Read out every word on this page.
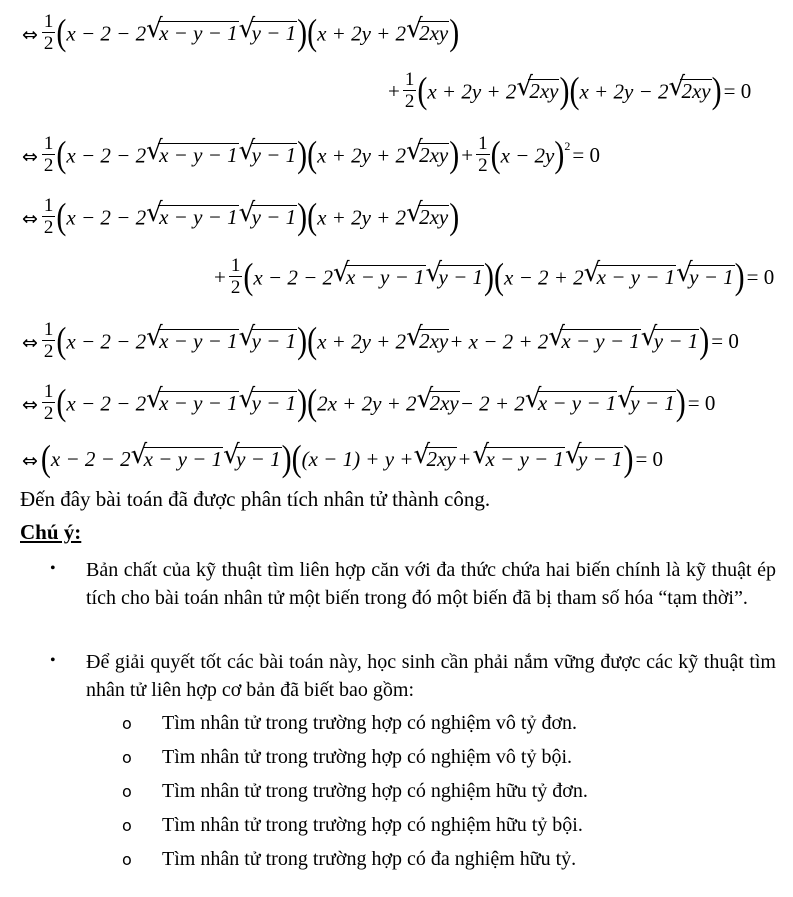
⇔ $\frac{1}{2} (x - 2 - 2$ √
x − y − 1 √
y − 1)(x + 2y + 2 √
2xy)
+ $\frac{1}{2} (x + 2y + 2$ √
2xy)(x + 2y − 2 √
2xy)= 0
⇔ $\frac{1}{2} (x - 2 - 2$ √
x − y − 1 √
y − 1)(x + 2y + 2 √
$2xy)+ \frac{1}{2} (x - 2y)^2= 0$
⇔ $\frac{1}{2} (x - 2 - 2$ √
x − y − 1 √
y − 1)(x + 2y + 2 √
2xy)
+ $\frac{1}{2} (x - 2 - 2$ √
x − y − 1 √
y − 1)(x − 2 + 2 √
x − y − 1 √
y − 1)= 0
⇔ $\frac{1}{2} (x - 2 - 2$ √
x − y − 1 √
y − 1)(x + 2y + 2 √
2xy+ x − 2 + 2 √
x − y − 1 √
y − 1)= 0
⇔ $\frac{1}{2} (x - 2 - 2$ √
x − y − 1 √
y − 1)(2x + 2y + 2 √
2xy− 2 + 2 √
x − y − 1 √
y − 1)= 0
⇔ (x − 2 − 2 √
x − y − 1 √
y − 1)((x − 1) + y + √
2xy + √
x − y − 1 √
y − 1)= 0
Đến đây bài toán đã được phân tích nhân tử thành công.
Chú ý:
• Bản chất của kỹ thuật tìm liên hợp căn với đa thức chứa hai biến chính là kỹ thuật ép tích cho bài toán nhân tử một biến trong đó một biến đã bị tham số hóa “tạm thời”.
• Để giải quyết tốt các bài toán này, học sinh cần phải nắm vững được các kỹ thuật tìm nhân tử liên hợp cơ bản đã biết bao gồm:
o Tìm nhân tử trong trường hợp có nghiệm vô tỷ đơn.
o Tìm nhân tử trong trường hợp có nghiệm vô tỷ bội.
o Tìm nhân tử trong trường hợp có nghiệm hữu tỷ đơn.
o Tìm nhân tử trong trường hợp có nghiệm hữu tỷ bội.
o Tìm nhân tử trong trường hợp có đa nghiệm hữu tỷ.
